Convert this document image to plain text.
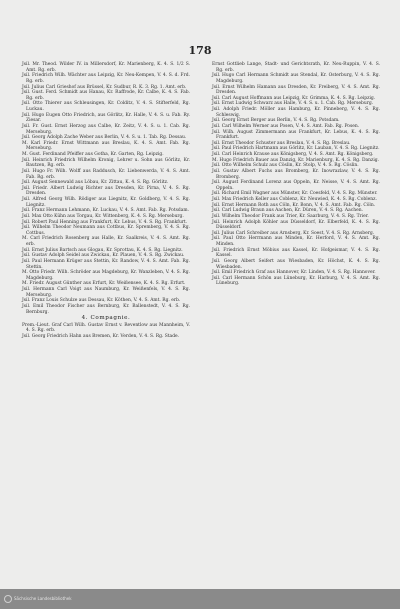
178

Jsil. Mr. Theod. Wilder IV. in Millersdorf, Kr. Marienberg, K. 4. S. 1/2 S. Amt. Rg. erb.

Jsil. Friedrich Wilh. Wächter aus Leipzig, Kr. Neu-Kempen, V. 4. S. d. Frd. Rg. erb.

Jsil. Julius Carl Grieshof aus Brüssel, Kr. Sudbur, R. K. 3. Rg. 1. Amt. erb.

Jsil. Gust. Ferd. Schmidt aus Hanau, Kr. Raffrode, Kr. Calbe, K. 4. S. Fab. Rg. erb.

Jsil. Otto Thierer aus Schleusingen, Kr. Colditz, V. 4. S. Stifterfeld, Rg. Luckau.

Jsil. Hugo Eugen Otto Friedrich, aus Görlitz, Kr. Halle, V. 4. S. u. Fab. Ry. Ziesar.

Jsil. Fr. Gust. Ernst Herzog aus Calbe, Kr. Zeitz, V. 4. S. u. 1. Cab. Rg. Merseburg.

Jsil. Georg Adolph Zache Weber aus Berlin, V. 4. S. u. 1. Tab. Rg. Dessau.

M. Karl Friedr. Ernst Wittmann aus Breslau, K. 4. S. Amt. Fab. Rg. Merseburg.

M. Gust. Ferdinand Pfeiffer aus Gotha, Kr. Garten, Rg. Leipzig.

Jsil. Heinrich Friedrich Wilhelm Kronig, Lehrer u. Sohn aus Görlitz, Kr. Bautzen, Rg. erb.

Jsil. Hugo Fr. Wilh. Wolff aus Raddusch, Kr. Liebenwerda, V. 4. S. Amt. Fab. Rg. erb.

Jsil. August Sennewald aus Löbau, Kr. Zittau, K. 4. S. Rg. Görlitz.

Jsil. Friedr. Albert Ludwig Richter aus Dresden, Kr. Pirna, V. 4. S. Rg. Dresden.

Jsil. Alfred Georg Wilh. Rödiger aus Liegnitz, Kr. Goldberg, V. 4. S. Rg. Liegnitz.

Jsil. Franz Hermann Lehmann, Kr. Luckau, V. 4. S. Amt. Fab. Rg. Potsdam.

Jsil. Max Otto Kühn aus Torgau, Kr. Wittenberg, K. 4. S. Rg. Merseburg.

Jsil. Robert Paul Henning aus Frankfurt, Kr. Lebus, V. 4. S. Rg. Frankfurt.

Jsil. Wilhelm Theodor Neumann aus Cottbus, Kr. Spremberg, V. 4. S. Rg. Cottbus.

M. Carl Friedrich Rosenberg aus Halle, Kr. Saalkreis, V. 4. S. Amt. Rg. erb.

Jsil. Ernst Julius Bartsch aus Glogau, Kr. Sprottau, K. 4. S. Rg. Liegnitz.

Jsil. Gustav Adolph Seidel aus Zwickau, Kr. Plauen, V. 4. S. Rg. Zwickau.

Jsil. Paul Hermann Krüger aus Stettin, Kr. Randow, V. 4. S. Amt. Fab. Rg. Stettin.

M. Otto Friedr. Wilh. Schröder aus Magdeburg, Kr. Wanzleben, V. 4. S. Rg. Magdeburg.

M. Friedr. August Günther aus Erfurt, Kr. Weißensee, K. 4. S. Rg. Erfurt.

Jsil. Hermann Carl Voigt aus Naumburg, Kr. Weißenfels, V. 4. S. Rg. Merseburg.

Jsil. Franz Louis Schulze aus Dessau, Kr. Köthen, V. 4. S. Amt. Rg. erb.

Jsil. Emil Theodor Fischer aus Bernburg, Kr. Ballenstedt, V. 4. S. Rg. Bernburg.

4. Compagnie.

Prem.-Lieut. Graf Carl Wilh. Gustav Ernst v. Reventlow aus Mannheim, V. 4. S. Rg. erb.

Jsil. Georg Friedrich Hahn aus Bremen, Kr. Verden, V. 4. S. Rg. Stade.

Ernst Gottlieb Lange, Stadt- und Gerichtsrath, Kr. Neu-Ruppin, V. 4. S. Rg. erb.

Jsil. Hugo Carl Hermann Schmidt aus Stendal, Kr. Osterburg, V. 4. S. Rg. Magdeburg.

Jsil. Ernst Wilhelm Hamann aus Dresden, Kr. Freiberg, V. 4. S. Amt. Rg. Dresden.

Jsil. Carl August Hoffmann aus Leipzig, Kr. Grimma, K. 4. S. Rg. Leipzig.

Jsil. Ernst Ludwig Schwarz aus Halle, V. 4. S. u. 1. Cab. Rg. Merseburg.

Jsil. Adolph Friedr. Möller aus Hamburg, Kr. Pinneberg, V. 4. S. Rg. Schleswig.

Jsil. Georg Ernst Berger aus Berlin, V. 4. S. Rg. Potsdam.

Jsil. Carl Wilhelm Werner aus Posen, V. 4. S. Amt. Fab. Rg. Posen.

Jsil. Wilh. August Zimmermann aus Frankfurt, Kr. Lebus, K. 4. S. Rg. Frankfurt.

Jsil. Ernst Theodor Schuster aus Breslau, V. 4. S. Rg. Breslau.

Jsil. Paul Friedrich Hartmann aus Görlitz, Kr. Lauban, V. 4. S. Rg. Liegnitz.

Jsil. Carl Heinrich Krause aus Königsberg, V. 4. S. Amt. Rg. Königsberg.

M. Hugo Friedrich Bauer aus Danzig, Kr. Marienburg, K. 4. S. Rg. Danzig.

Jsil. Otto Wilhelm Schulz aus Cöslin, Kr. Stolp, V. 4. S. Rg. Cöslin.

Jsil. Gustav Albert Fuchs aus Bromberg, Kr. Inowrazlaw, V. 4. S. Rg. Bromberg.

Jsil. August Ferdinand Lorenz aus Oppeln, Kr. Neisse, V. 4. S. Amt. Rg. Oppeln.

Jsil. Richard Emil Wagner aus Münster, Kr. Coesfeld, V. 4. S. Rg. Münster.

Jsil. Max Friedrich Keller aus Coblenz, Kr. Neuwied, K. 4. S. Rg. Coblenz.

Jsil. Ernst Hermann Roth aus Cöln, Kr. Bonn, V. 4. S. Amt. Fab. Rg. Cöln.

Jsil. Carl Ludwig Braun aus Aachen, Kr. Düren, V. 4. S. Rg. Aachen.

Jsil. Wilhelm Theodor Frank aus Trier, Kr. Saarburg, V. 4. S. Rg. Trier.

Jsil. Heinrich Adolph Köhler aus Düsseldorf, Kr. Elberfeld, K. 4. S. Rg. Düsseldorf.

Jsil. Julius Carl Schreiber aus Arnsberg, Kr. Soest, V. 4. S. Rg. Arnsberg.

Jsil. Paul Otto Herrmann aus Minden, Kr. Herford, V. 4. S. Amt. Rg. Minden.

Jsil. Friedrich Ernst Möbius aus Kassel, Kr. Hofgeismar, V. 4. S. Rg. Kassel.

Jsil. Georg Albert Seifert aus Wiesbaden, Kr. Höchst, K. 4. S. Rg. Wiesbaden.

Jsil. Emil Friedrich Graf aus Hannover, Kr. Linden, V. 4. S. Rg. Hannover.

Jsil. Carl Hermann Schön aus Lüneburg, Kr. Harburg, V. 4. S. Amt. Rg. Lüneburg.

Sächsische Landesbibliothek
